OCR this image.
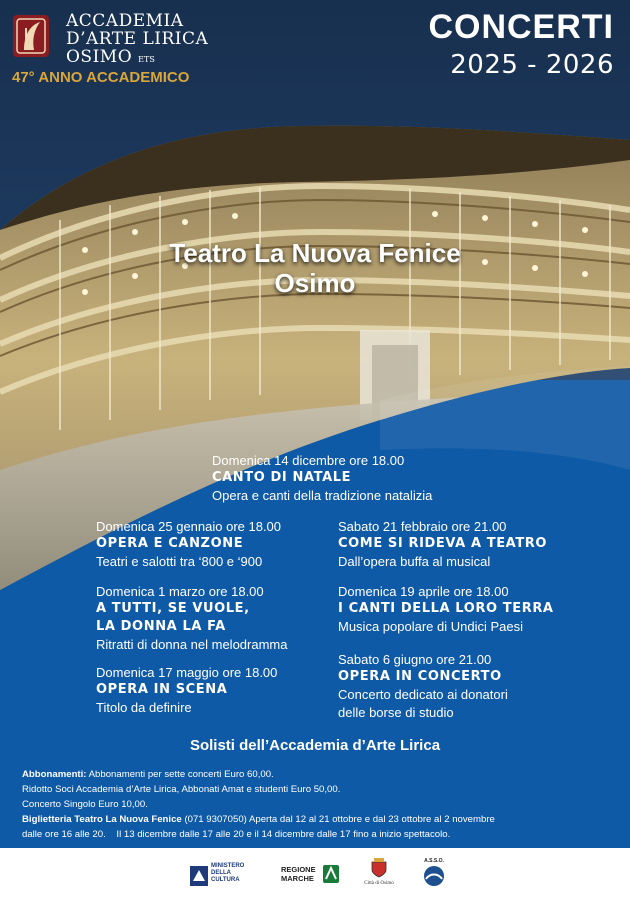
ACCADEMIA
D’ARTE LIRICA
OSIMO ETS
47° ANNO ACCADEMICO
CONCERTI
2025 - 2026
Teatro La Nuova Fenice
Osimo
Domenica 14 dicembre ore 18.00
CANTO DI NATALE
Opera e canti della tradizione natalizia
Domenica 25 gennaio ore 18.00
OPERA E CANZONE
Teatri e salotti tra ‘800 e ‘900
Sabato 21 febbraio ore 21.00
COME SI RIDEVA A TEATRO
Dall’opera buffa al musical
Domenica 1 marzo ore 18.00
A TUTTI, SE VUOLE,
LA DONNA LA FA
Ritratti di donna nel melodramma
Domenica 19 aprile ore 18.00
I CANTI DELLA LORO TERRA
Musica popolare di Undici Paesi
Domenica 17 maggio ore 18.00
OPERA IN SCENA
Titolo da definire
Sabato 6 giugno ore 21.00
OPERA IN CONCERTO
Concerto dedicato ai donatori
delle borse di studio
Solisti dell’Accademia d’Arte Lirica
Abbonamenti: Abbonamenti per sette concerti Euro 60,00.
Ridotto Soci Accademia d’Arte Lirica, Abbonati Amat e studenti Euro 50,00.
Concerto Singolo Euro 10,00.
Biglietteria Teatro La Nuova Fenice (071 9307050) Aperta dal 12 al 21 ottobre e dal 23 ottobre al 2 novembre
dalle ore 16 alle 20.    Il 13 dicembre dalle 17 alle 20 e il 14 dicembre dalle 17 fino a inizio spettacolo.
MINISTERO
DELLA
CULTURA
REGIONE
MARCHE
Città di Osimo
A.S.S.O.
